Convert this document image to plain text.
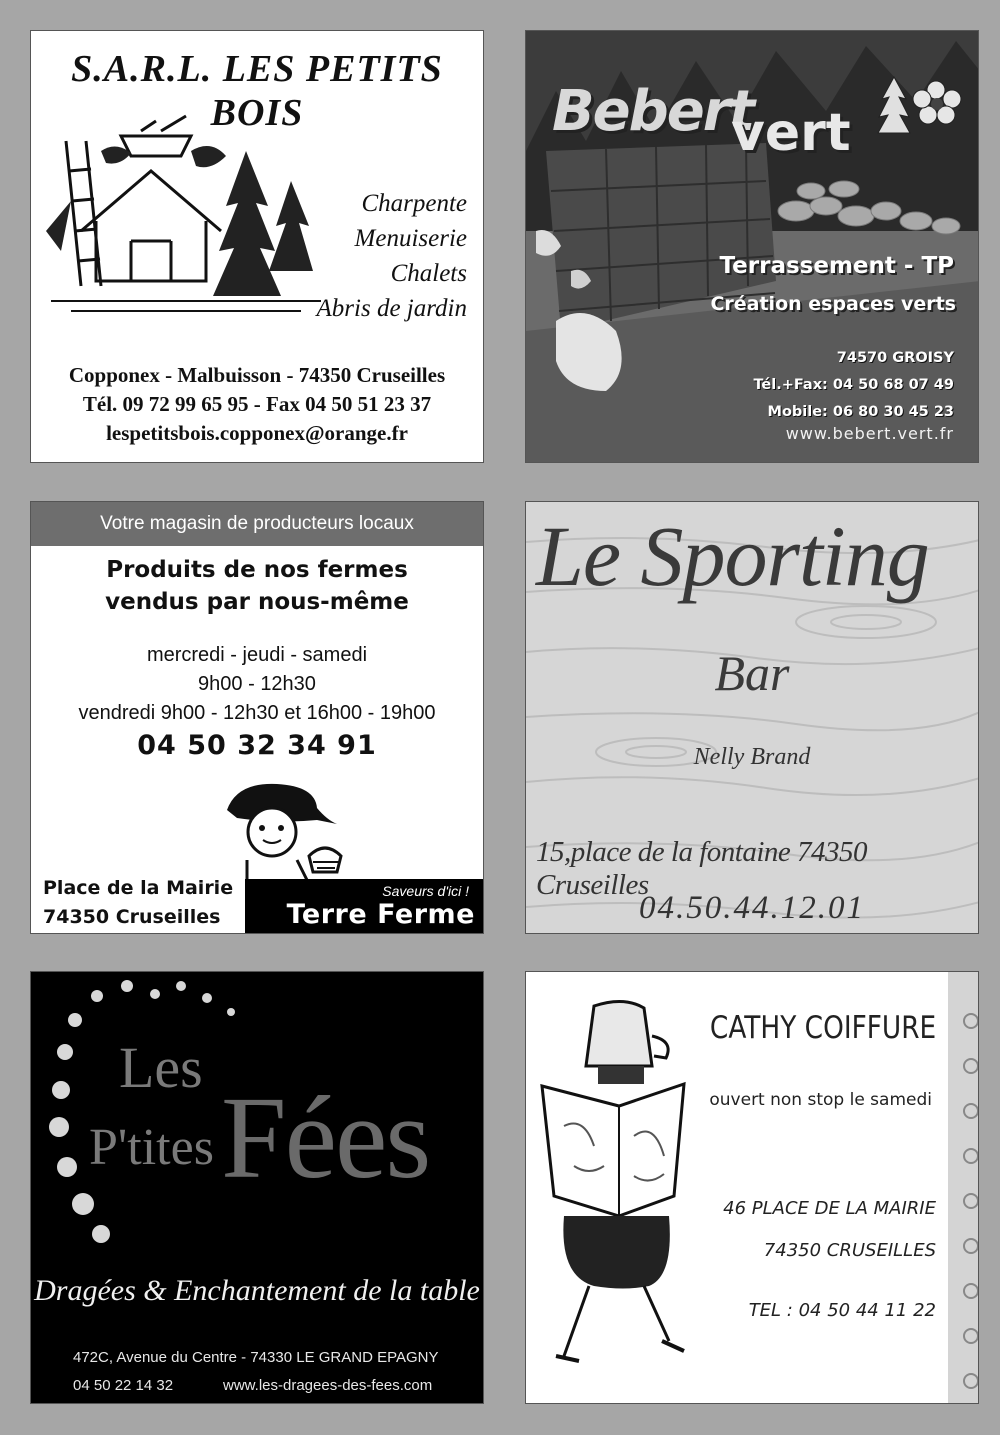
S.A.R.L. LES PETITS BOIS
Charpente
Menuiserie
Chalets
Abris de jardin
Copponex - Malbuisson - 74350 Cruseilles
Tél. 09 72 99 65 95 - Fax 04 50 51 23 37
lespetitsbois.copponex@orange.fr
Bebert
vert
Terrassement - TP
Création espaces verts
74570 GROISY
Tél.+Fax: 04 50 68 07 49
Mobile: 06 80 30 45 23
www.bebert.vert.fr
Votre magasin de producteurs locaux
Produits de nos fermes
vendus par nous-même
mercredi - jeudi - samedi
9h00 - 12h30
vendredi 9h00 - 12h30 et 16h00 - 19h00
04 50 32 34 91
Place de la Mairie
74350 Cruseilles
Saveurs d'ici !
Terre Ferme
Le Sporting
Bar
Nelly Brand
15,place de la fontaine 74350 Cruseilles
04.50.44.12.01
Les
P'tites Fées
Dragées & Enchantement de la table
472C, Avenue du Centre - 74330 LE GRAND EPAGNY
04 50 22 14 32	www.les-dragees-des-fees.com
CATHY COIFFURE
ouvert non stop le samedi
46 PLACE DE LA MAIRIE
74350 CRUSEILLES
TEL : 04 50 44 11 22
